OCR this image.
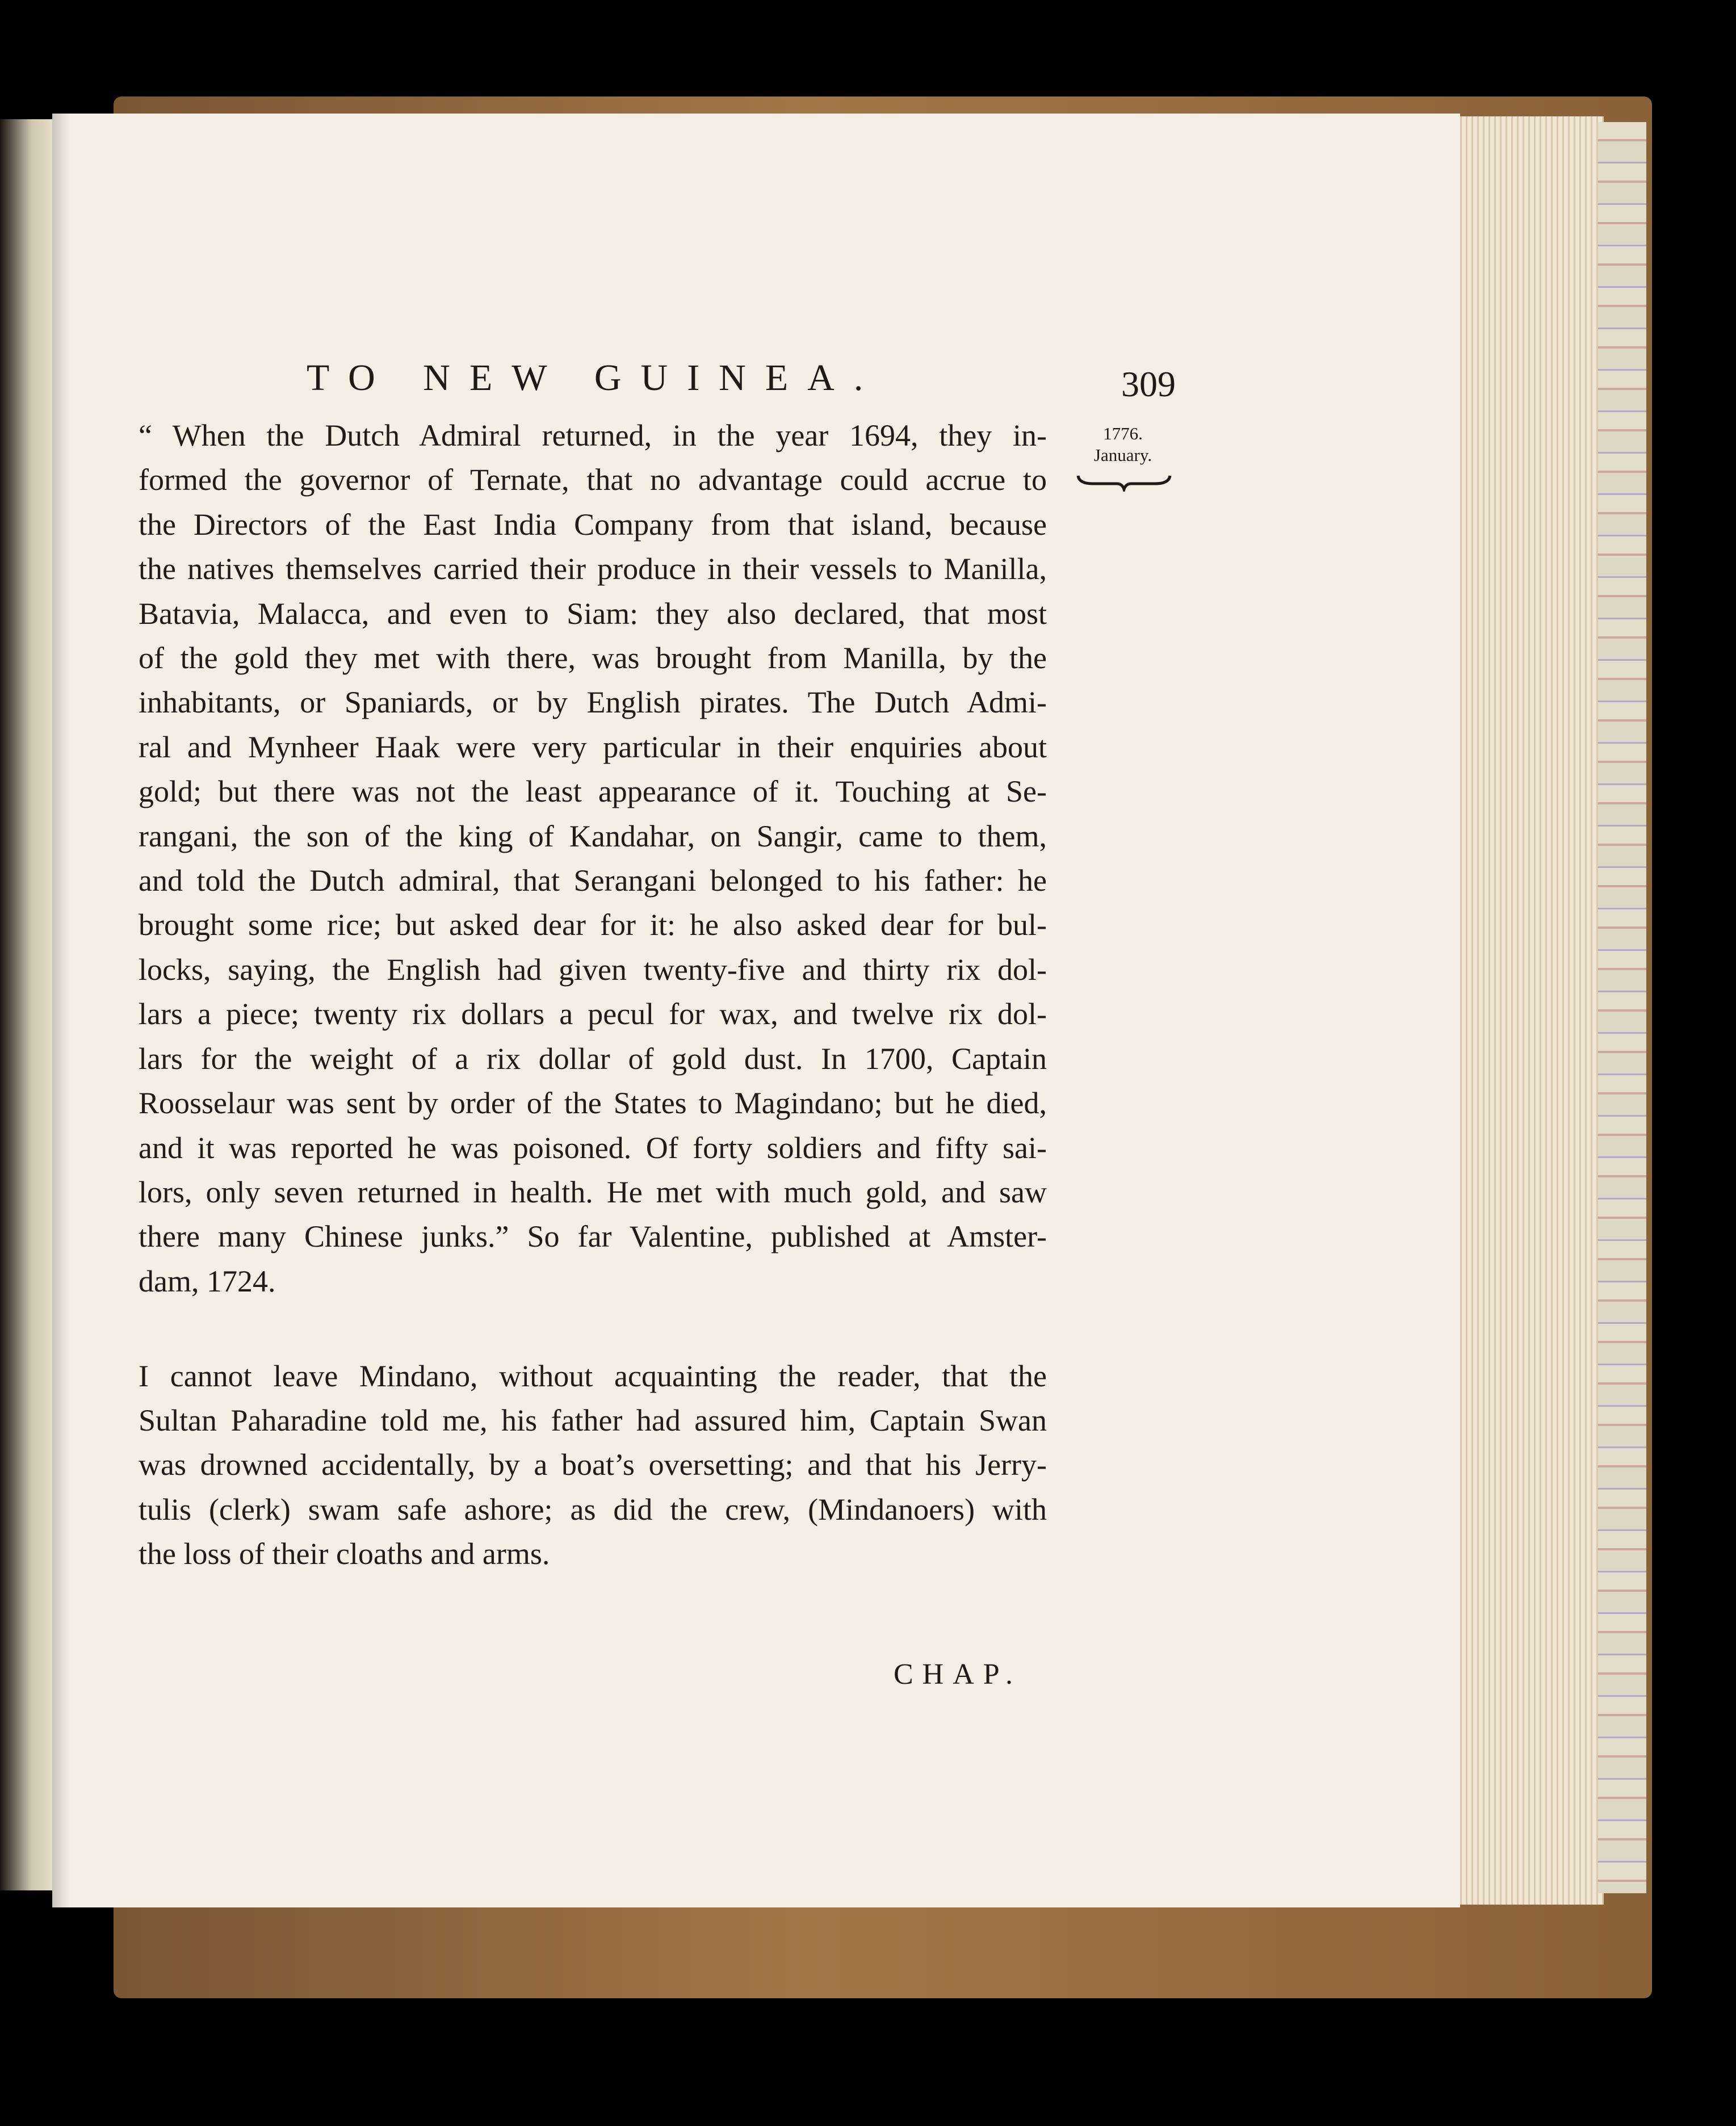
TO NEW GUINEA.	309
1776.
January.

“ When the Dutch Admiral returned, in the year 1694, they in-
formed the governor of Ternate, that no advantage could accrue to
the Directors of the East India Company from that island, because
the natives themselves carried their produce in their vessels to Manilla,
Batavia, Malacca, and even to Siam: they also declared, that most
of the gold they met with there, was brought from Manilla, by the
inhabitants, or Spaniards, or by English pirates. The Dutch Admi-
ral and Mynheer Haak were very particular in their enquiries about
gold; but there was not the least appearance of it. Touching at Se-
rangani, the son of the king of Kandahar, on Sangir, came to them,
and told the Dutch admiral, that Serangani belonged to his father: he
brought some rice; but asked dear for it: he also asked dear for bul-
locks, saying, the English had given twenty-five and thirty rix dol-
lars a piece; twenty rix dollars a pecul for wax, and twelve rix dol-
lars for the weight of a rix dollar of gold dust. In 1700, Captain
Roosselaur was sent by order of the States to Magindano; but he died,
and it was reported he was poisoned. Of forty soldiers and fifty sai-
lors, only seven returned in health. He met with much gold, and saw
there many Chinese junks.” So far Valentine, published at Amster-
dam, 1724.

I cannot leave Mindano, without acquainting the reader, that the
Sultan Paharadine told me, his father had assured him, Captain Swan
was drowned accidentally, by a boat’s oversetting; and that his Jerry-
tulis (clerk) swam safe ashore; as did the crew, (Mindanoers) with
the loss of their cloaths and arms.

CHAP.
